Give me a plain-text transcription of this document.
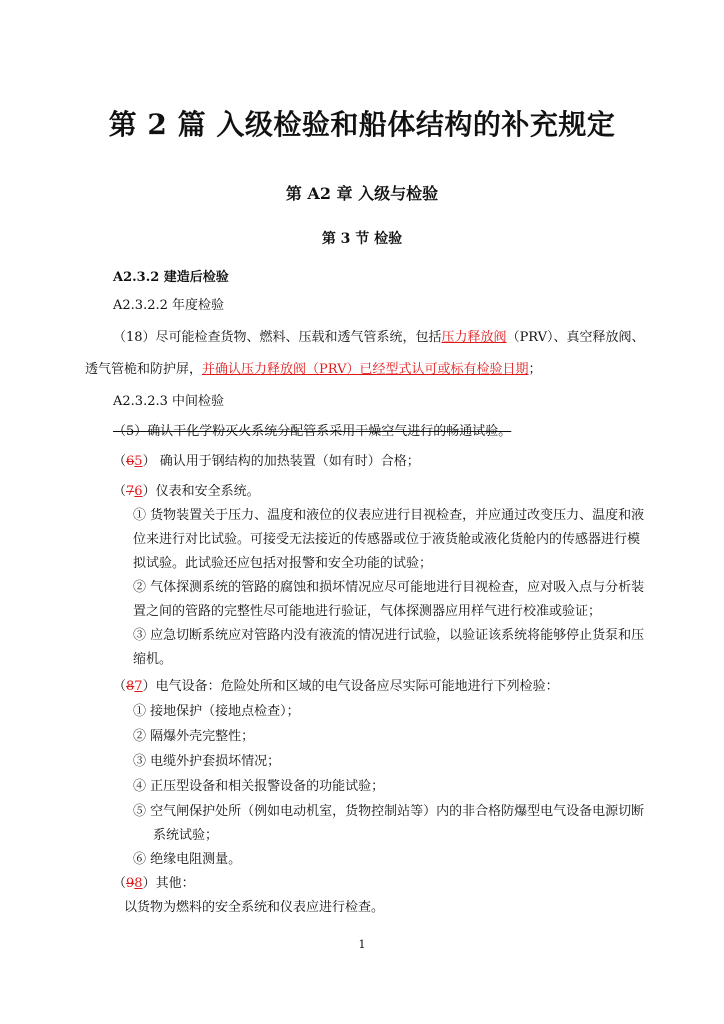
第 2 篇 入级检验和船体结构的补充规定
第 A2 章 入级与检验
第 3 节 检验
A2.3.2 建造后检验
A2.3.2.2 年度检验
（18）尽可能检查货物、燃料、压载和透气管系统，包括压力释放阀（PRV）、真空释放阀、
透气管桅和防护屏，并确认压力释放阀（PRV）已经型式认可或标有检验日期；
A2.3.2.3 中间检验
（5）确认干化学粉灭火系统分配管系采用干燥空气进行的畅通试验。
（65） 确认用于钢结构的加热装置（如有时）合格；
（76）仪表和安全系统。
① 货物装置关于压力、温度和液位的仪表应进行目视检查，并应通过改变压力、温度和液
位来进行对比试验。可接受无法接近的传感器或位于液货舱或液化货舱内的传感器进行模
拟试验。此试验还应包括对报警和安全功能的试验；
② 气体探测系统的管路的腐蚀和损坏情况应尽可能地进行目视检查，应对吸入点与分析装
置之间的管路的完整性尽可能地进行验证，气体探测器应用样气进行校准或验证；
③ 应急切断系统应对管路内没有液流的情况进行试验，以验证该系统将能够停止货泵和压
缩机。
（87）电气设备：危险处所和区域的电气设备应尽实际可能地进行下列检验：
① 接地保护（接地点检查）；
② 隔爆外壳完整性；
③ 电缆外护套损坏情况；
④ 正压型设备和相关报警设备的功能试验；
⑤ 空气闸保护处所（例如电动机室，货物控制站等）内的非合格防爆型电气设备电源切断
系统试验；
⑥ 绝缘电阻测量。
（98）其他：
以货物为燃料的安全系统和仪表应进行检查。
1
